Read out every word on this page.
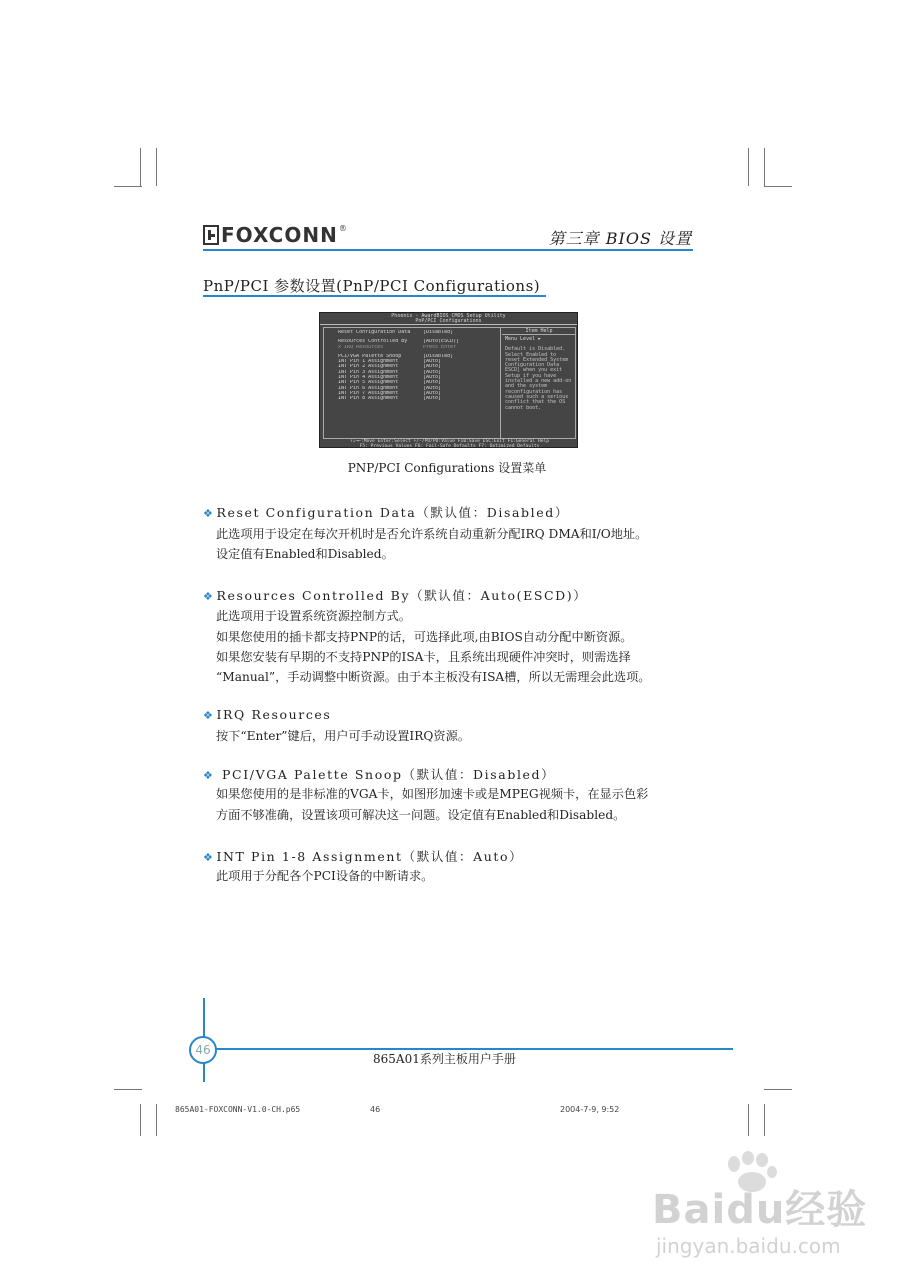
FOXCONN ®
第三章 BIOS 设置
PnP/PCI 参数设置(PnP/PCI Configurations)
Phoenix - AwardBIOS CMOS Setup Utility
PnP/PCI Configurations
Reset Configuration Data	[Disabled]
Resources Controlled By	[Auto(ESCD)]
x IRQ Resources	Press Enter
PCI/VGA Palette Snoop	[Disabled]
INT Pin 1 Assignment	[Auto]
INT Pin 2 Assignment	[Auto]
INT Pin 3 Assignment	[Auto]
INT Pin 4 Assignment	[Auto]
INT Pin 5 Assignment	[Auto]
INT Pin 6 Assignment	[Auto]
INT Pin 7 Assignment	[Auto]
INT Pin 8 Assignment	[Auto]
Item Help
Menu Level ►
Default is Disabled. Select Enabled to reset Extended System Configuration Data ESCD] when you exit Setup if you have installed a new add-on and the system reconfiguration has caused such a serious conflict that the OS cannot boot.
↑↓→←:Move Enter:Select +/-/PU/PD:Value F10:Save ESC:Exit F1:General Help
F5: Previous Values F6: Fail-Safe Defaults F7: Optimized Defaults
PNP/PCI Configurations 设置菜单
❖ Reset Configuration Data（默认值：Disabled）
此选项用于设定在每次开机时是否允许系统自动重新分配IRQ DMA和I/O地址。
设定值有Enabled和Disabled。
❖ Resources Controlled By（默认值：Auto(ESCD)）
此选项用于设置系统资源控制方式。
如果您使用的插卡都支持PNP的话，可选择此项,由BIOS自动分配中断资源。
如果您安装有早期的不支持PNP的ISA卡，且系统出现硬件冲突时，则需选择
“Manual”，手动调整中断资源。由于本主板没有ISA槽，所以无需理会此选项。
❖ IRQ Resources
按下“Enter”键后，用户可手动设置IRQ资源。
❖ PCI/VGA Palette Snoop（默认值：Disabled）
如果您使用的是非标准的VGA卡，如图形加速卡或是MPEG视频卡，在显示色彩
方面不够准确，设置该项可解决这一问题。设定值有Enabled和Disabled。
❖ INT Pin 1-8 Assignment（默认值：Auto）
此项用于分配各个PCI设备的中断请求。
46
865A01系列主板用户手册
865A01-FOXCONN-V1.0-CH.p65	46	2004-7-9, 9:52
Baidu经验
jingyan.baidu.com
